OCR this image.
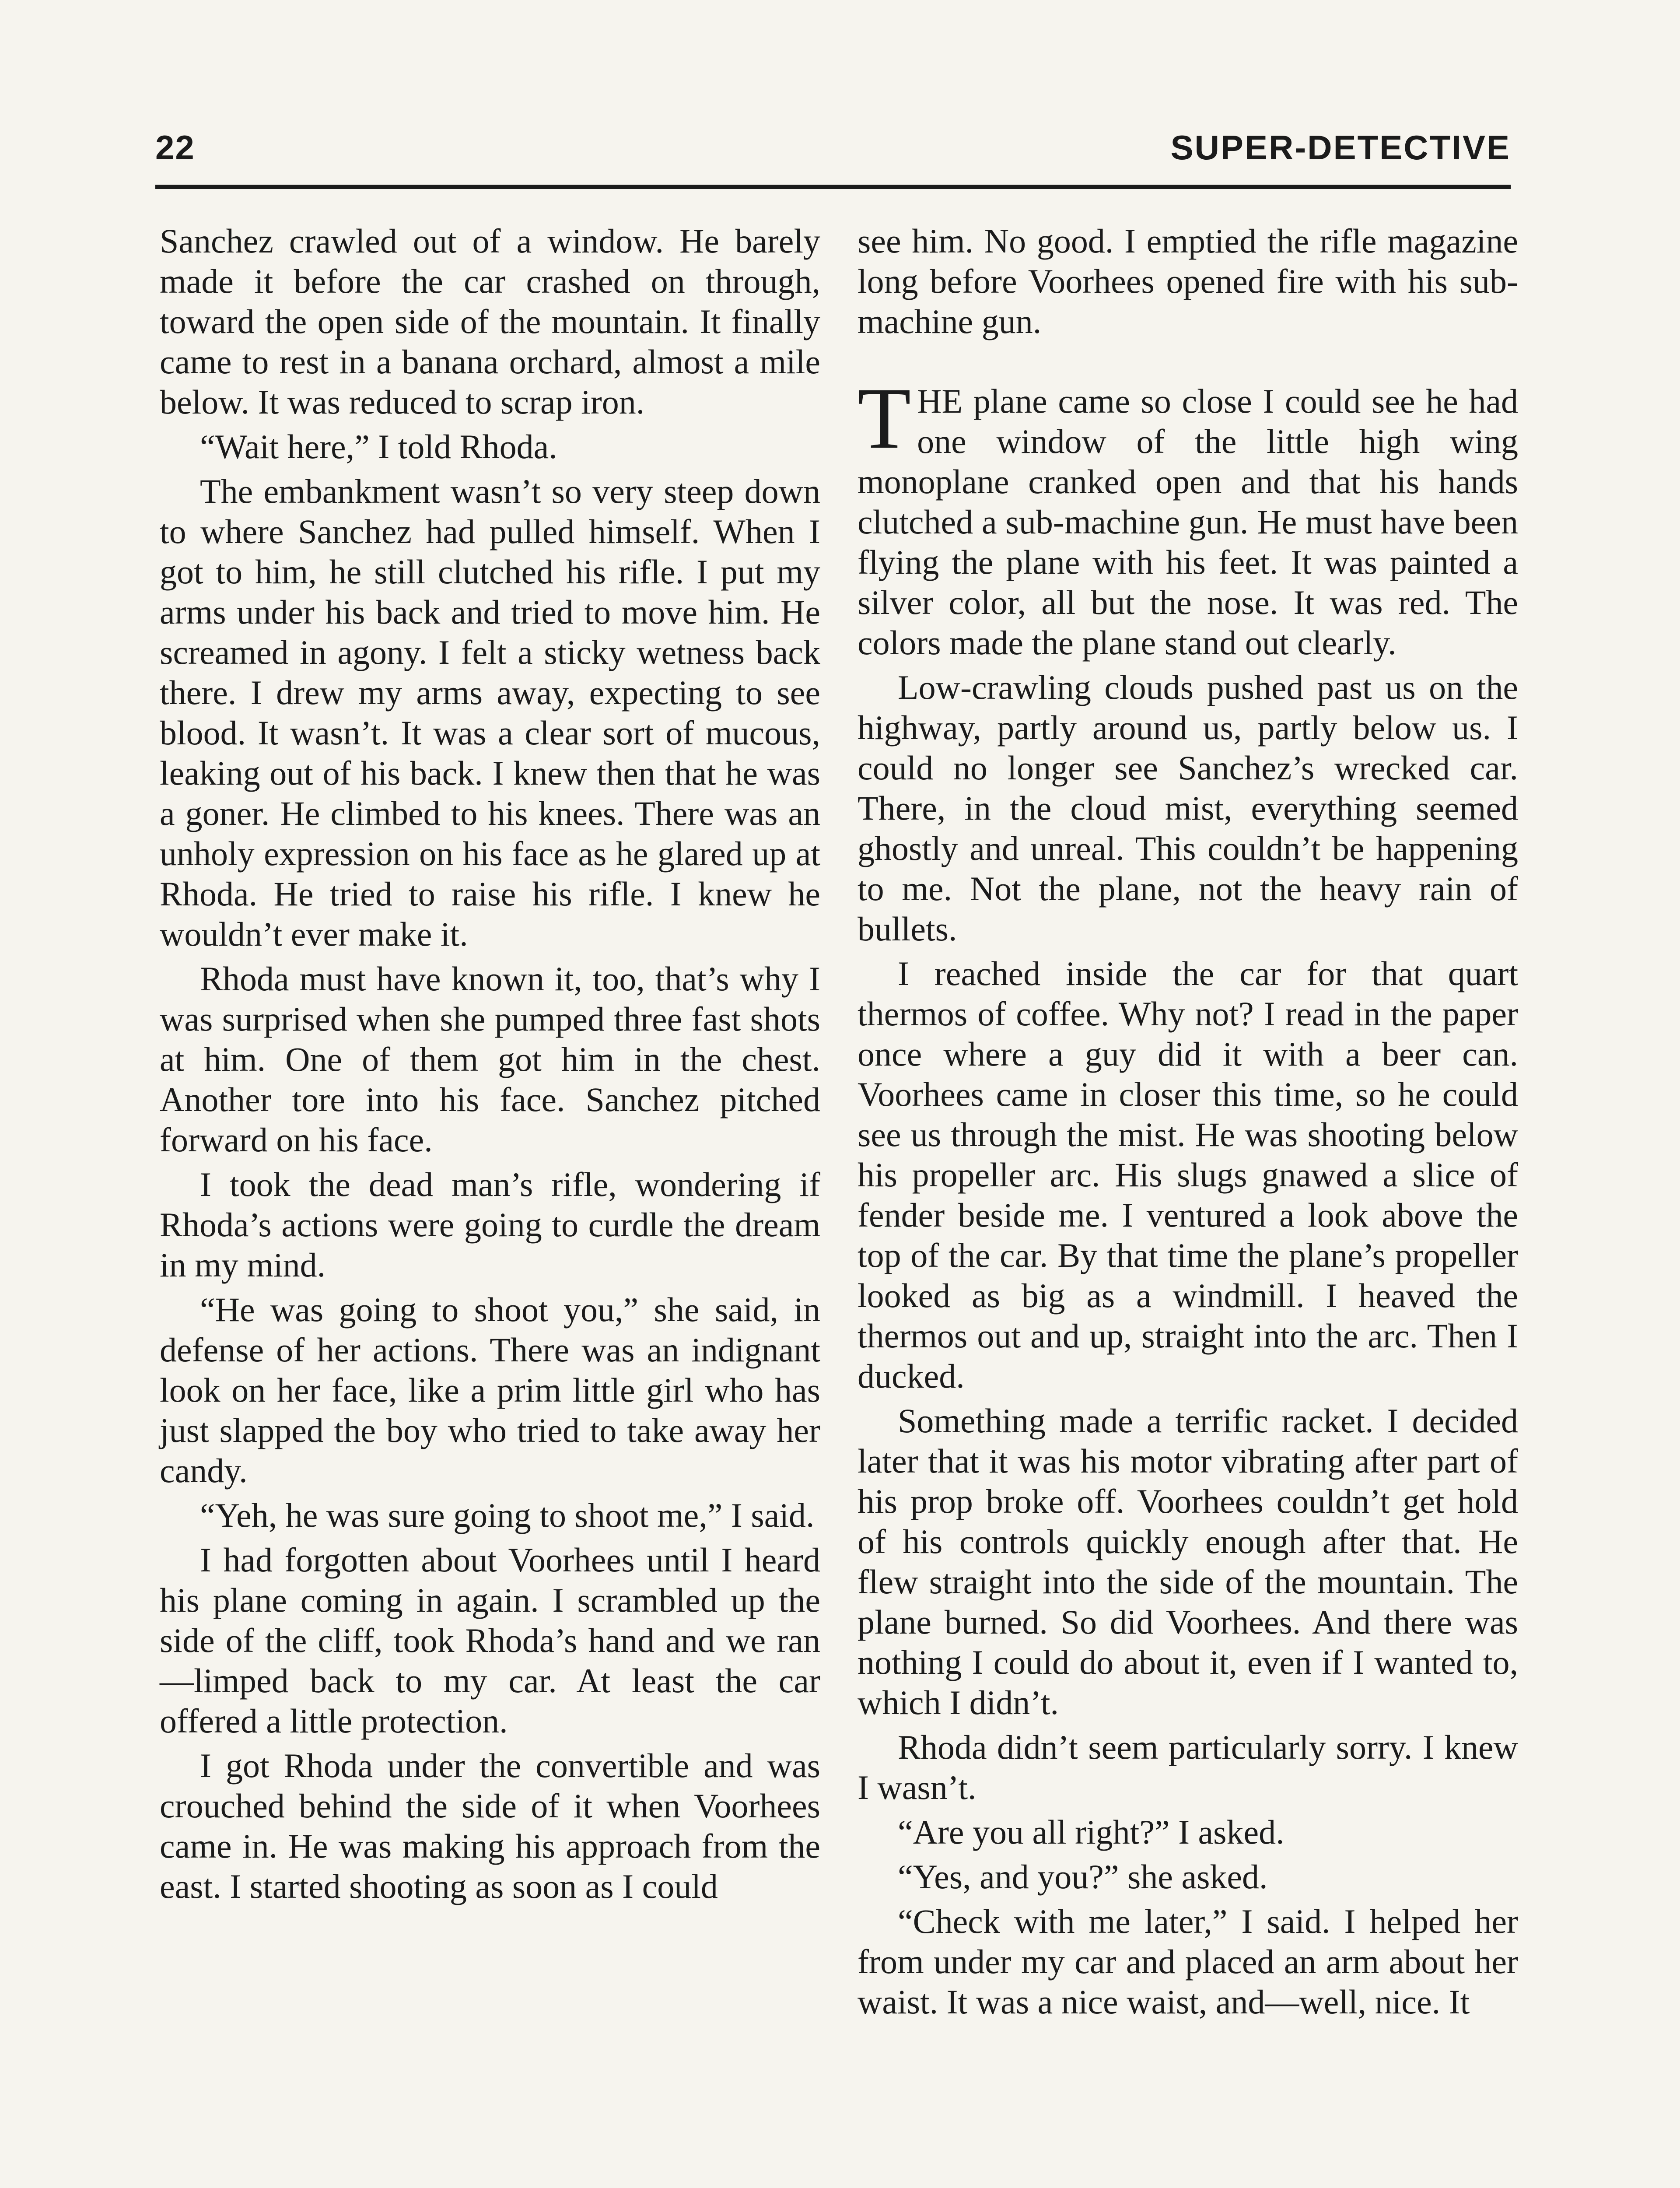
22	SUPER-DETECTIVE

Sanchez crawled out of a window. He barely made it before the car crashed on through, toward the open side of the mountain. It finally came to rest in a banana orchard, almost a mile below. It was reduced to scrap iron.

“Wait here,” I told Rhoda.

The embankment wasn’t so very steep down to where Sanchez had pulled himself. When I got to him, he still clutched his rifle. I put my arms under his back and tried to move him. He screamed in agony. I felt a sticky wetness back there. I drew my arms away, expecting to see blood. It wasn’t. It was a clear sort of mucous, leaking out of his back. I knew then that he was a goner. He climbed to his knees. There was an unholy expression on his face as he glared up at Rhoda. He tried to raise his rifle. I knew he wouldn’t ever make it.

Rhoda must have known it, too, that’s why I was surprised when she pumped three fast shots at him. One of them got him in the chest. Another tore into his face. Sanchez pitched forward on his face.

I took the dead man’s rifle, wondering if Rhoda’s actions were going to curdle the dream in my mind.

“He was going to shoot you,” she said, in defense of her actions. There was an indignant look on her face, like a prim little girl who has just slapped the boy who tried to take away her candy.

“Yeh, he was sure going to shoot me,” I said.

I had forgotten about Voorhees until I heard his plane coming in again. I scrambled up the side of the cliff, took Rhoda’s hand and we ran—limped back to my car. At least the car offered a little protection.

I got Rhoda under the convertible and was crouched behind the side of it when Voorhees came in. He was making his approach from the east. I started shooting as soon as I could

see him. No good. I emptied the rifle magazine long before Voorhees opened fire with his sub-machine gun.

THE plane came so close I could see he had one window of the little high wing monoplane cranked open and that his hands clutched a sub-machine gun. He must have been flying the plane with his feet. It was painted a silver color, all but the nose. It was red. The colors made the plane stand out clearly.

Low-crawling clouds pushed past us on the highway, partly around us, partly below us. I could no longer see Sanchez’s wrecked car. There, in the cloud mist, everything seemed ghostly and unreal. This couldn’t be happening to me. Not the plane, not the heavy rain of bullets.

I reached inside the car for that quart thermos of coffee. Why not? I read in the paper once where a guy did it with a beer can. Voorhees came in closer this time, so he could see us through the mist. He was shooting below his propeller arc. His slugs gnawed a slice of fender beside me. I ventured a look above the top of the car. By that time the plane’s propeller looked as big as a windmill. I heaved the thermos out and up, straight into the arc. Then I ducked.

Something made a terrific racket. I decided later that it was his motor vibrating after part of his prop broke off. Voorhees couldn’t get hold of his controls quickly enough after that. He flew straight into the side of the mountain. The plane burned. So did Voorhees. And there was nothing I could do about it, even if I wanted to, which I didn’t.

Rhoda didn’t seem particularly sorry. I knew I wasn’t.

“Are you all right?” I asked.

“Yes, and you?” she asked.

“Check with me later,” I said. I helped her from under my car and placed an arm about her waist. It was a nice waist, and—well, nice. It
